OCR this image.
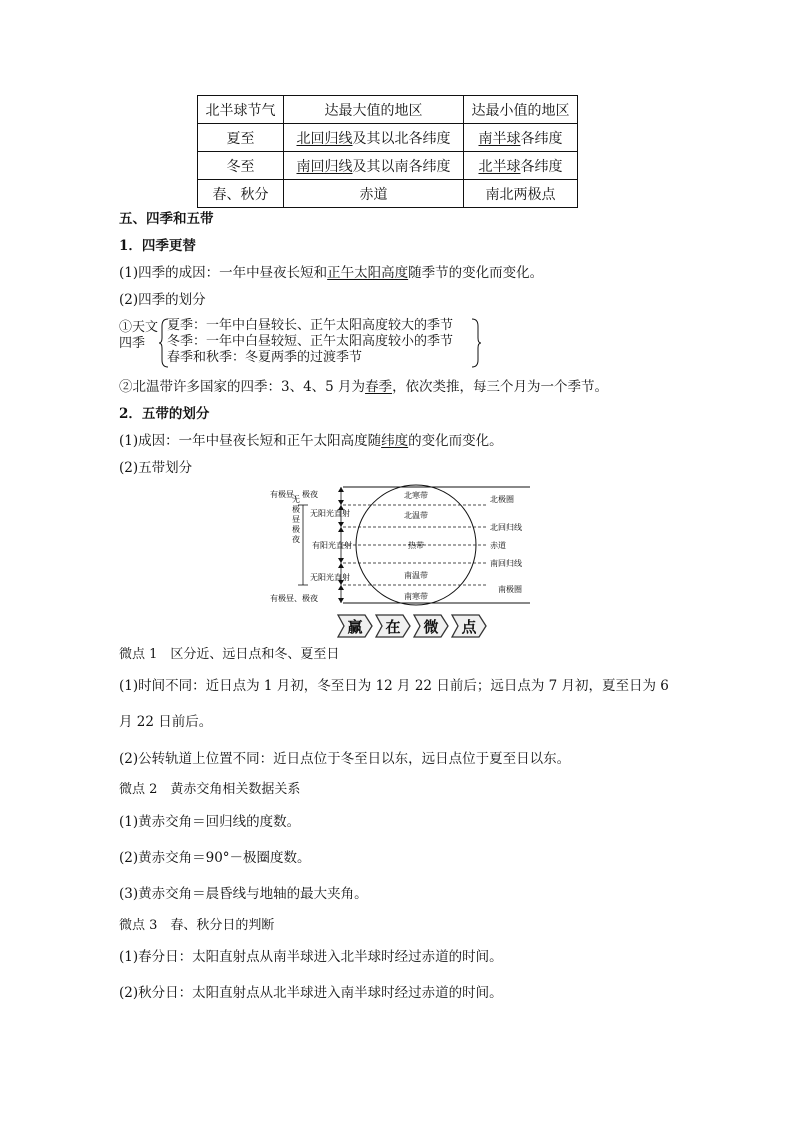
北半球节气	达最大值的地区	达最小值的地区
夏至	北回归线及其以北各纬度	南半球各纬度
冬至	南回归线及其以南各纬度	北半球各纬度
春、秋分	赤道	南北两极点
五、四季和五带
1．四季更替
(1)四季的成因：一年中昼夜长短和正午太阳高度随季节的变化而变化。
(2)四季的划分
①天文
四季
夏季：一年中白昼较长、正午太阳高度较大的季节
冬季：一年中白昼较短、正午太阳高度较小的季节
春季和秋季：冬夏两季的过渡季节
②北温带许多国家的四季：3、4、5 月为春季，依次类推，每三个月为一个季节。
2．五带的划分
(1)成因：一年中昼夜长短和正午太阳高度随纬度的变化而变化。
(2)五带划分
有极昼、极夜
无阳光直射
有阳光直射
无阳光直射
有极昼、极夜
无极昼极夜	北寒带
北温带
热带
南温带
南寒带
北极圈
北回归线
赤道
南回归线
南极圈
赢	在	微	点
微点 1　区分近、远日点和冬、夏至日
(1)时间不同：近日点为 1 月初，冬至日为 12 月 22 日前后；远日点为 7 月初，夏至日为 6
月 22 日前后。
(2)公转轨道上位置不同：近日点位于冬至日以东，远日点位于夏至日以东。
微点 2　黄赤交角相关数据关系
(1)黄赤交角＝回归线的度数。
(2)黄赤交角＝90°－极圈度数。
(3)黄赤交角＝晨昏线与地轴的最大夹角。
微点 3　春、秋分日的判断
(1)春分日：太阳直射点从南半球进入北半球时经过赤道的时间。
(2)秋分日：太阳直射点从北半球进入南半球时经过赤道的时间。
